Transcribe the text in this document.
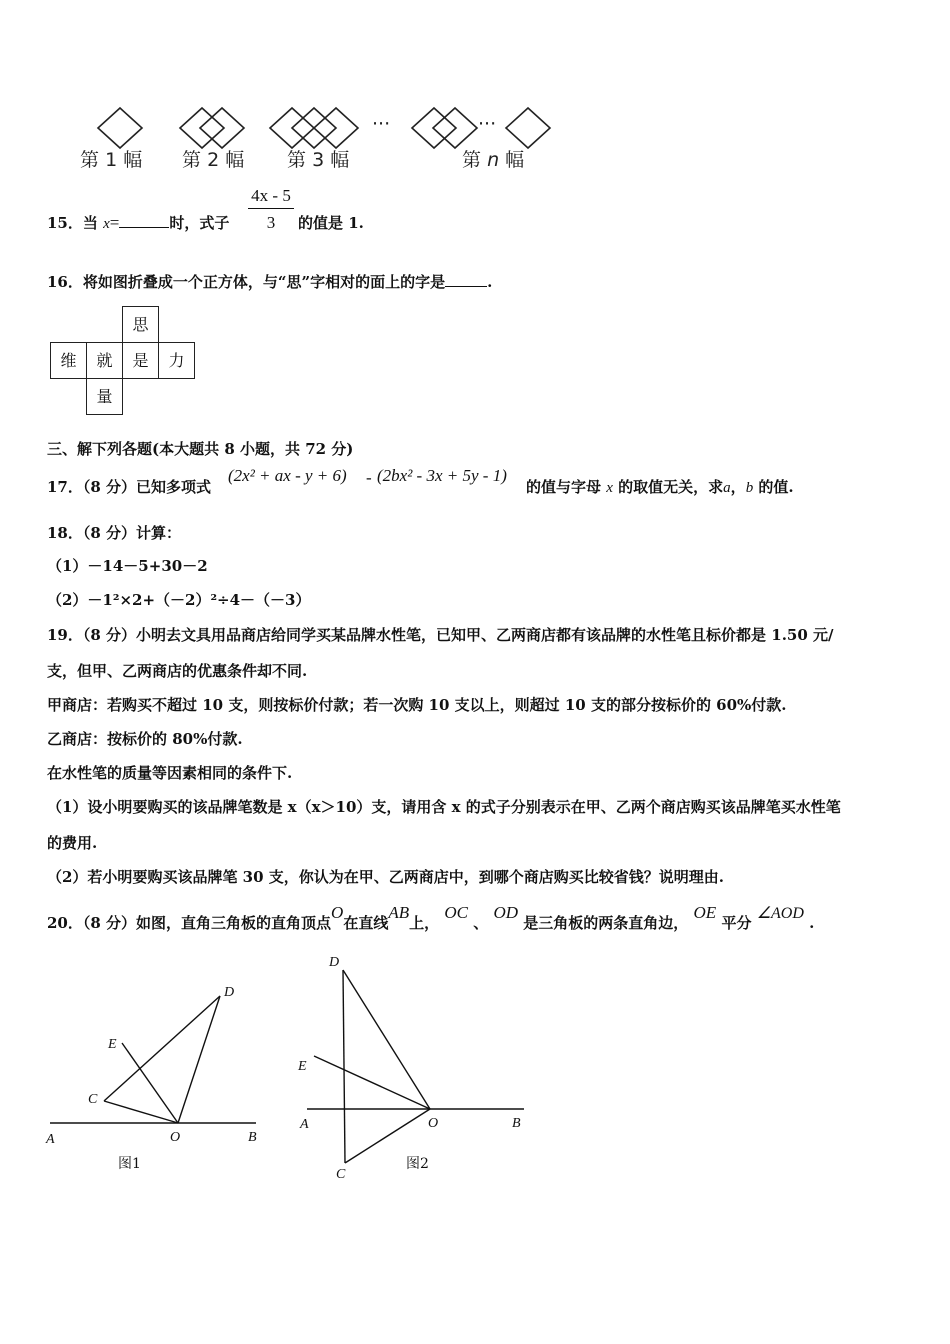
···	···
第 1 幅 第 2 幅 第 3 幅	第 n 幅
15．当 x=	时，式子
4x - 5
3	的值是 1.
16．将如图折叠成一个正方体，与“思”字相对的面上的字是	.
思
维	就	是	力
量
三、解下列各题(本大题共 8 小题，共 72 分)
17．（8 分）已知多项式
(2x² + ax - y + 6) - (2bx² - 3x + 5y - 1)
的值与字母 x 的取值无关，求a，b 的值.
18．（8 分）计算：
（1）－14－5+30－2
（2）－1²×2+（－2）²÷4－（－3）
19．（8 分）小明去文具用品商店给同学买某品牌水性笔，已知甲、乙两商店都有该品牌的水性笔且标价都是 1.50 元/
支，但甲、乙两商店的优惠条件却不同.
甲商店：若购买不超过 10 支，则按标价付款；若一次购 10 支以上，则超过 10 支的部分按标价的 60%付款.
乙商店：按标价的 80%付款.
在水性笔的质量等因素相同的条件下.
（1）设小明要购买的该品牌笔数是 x（x＞10）支，请用含 x 的式子分别表示在甲、乙两个商店购买该品牌笔买水性笔
的费用.
（2）若小明要购买该品牌笔 30 支，你认为在甲、乙两商店中，到哪个商店购买比较省钱？说明理由.
20．（8 分）如图，直角三角板的直角顶点O在直线AB上， OC 、 OD 是三角板的两条直角边， OE 平分 ∠AOD .
D
E
C
A	O	B
图1
D
E
A	O	B
C
图2
